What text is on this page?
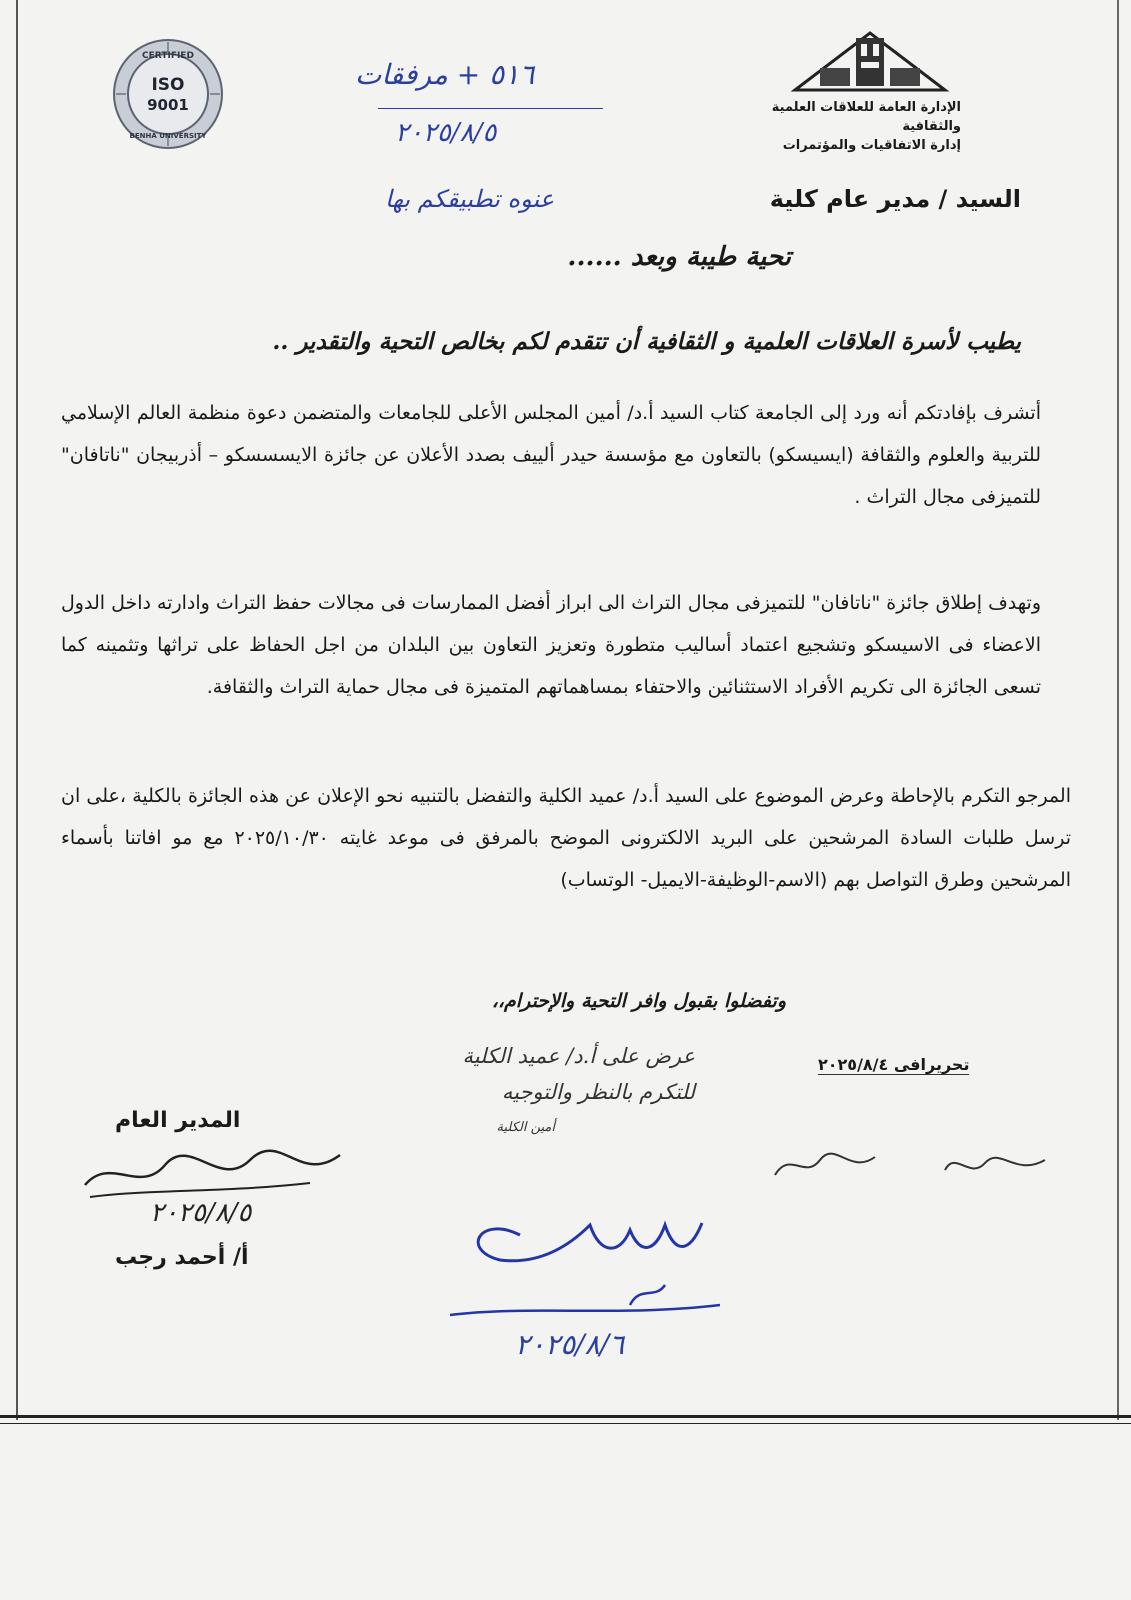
CERTIFIED
BENHA UNIVERSITY
ISO
9001	الإدارة العامة للعلاقات العلمية والثقافية
إدارة الاتفاقيات والمؤتمرات
٥١٦ + مرفقات
٢٠٢٥/٨/٥
السيد / مدير عام كلية
عنوه تطبيقكم بها
تحية طيبة وبعد ......
يطيب لأسرة العلاقات العلمية و الثقافية أن تتقدم لكم بخالص التحية والتقدير ..
أتشرف بإفادتكم أنه ورد إلى الجامعة كتاب السيد أ.د/ أمين المجلس الأعلى للجامعات والمتضمن دعوة منظمة العالم الإسلامي للتربية والعلوم والثقافة (ايسيسكو) بالتعاون مع مؤسسة حيدر ألييف بصدد الأعلان عن جائزة الايسسسكو – أذربيجان "ناتافان" للتميزفى مجال التراث .
وتهدف إطلاق جائزة "ناتافان" للتميزفى مجال التراث الى ابراز أفضل الممارسات فى مجالات حفظ التراث وادارته داخل الدول الاعضاء فى الاسيسكو وتشجيع اعتماد أساليب متطورة وتعزيز التعاون بين البلدان من اجل الحفاظ على تراثها وتثمينه كما تسعى الجائزة الى تكريم الأفراد الاستثنائين والاحتفاء بمساهماتهم المتميزة فى مجال حماية التراث والثقافة.
المرجو التكرم بالإحاطة وعرض الموضوع على السيد أ.د/ عميد الكلية والتفضل بالتنبيه نحو الإعلان عن هذه الجائزة بالكلية ،على ان ترسل طلبات السادة المرشحين على البريد الالكترونى الموضح بالمرفق فى موعد غايته ٢٠٢٥/١٠/٣٠ مع مو افاتنا بأسماء المرشحين وطرق التواصل بهم (الاسم-الوظيفة-الايميل- الوتساب)
وتفضلوا بقبول وافر التحية والإحترام،،
تحريرافى ٢٠٢٥/٨/٤
عرض على أ.د/ عميد الكلية
للتكرم بالنظر والتوجيه
أمين الكلية
المدير العام
٢٠٢٥/٨/٥
أ/ أحمد رجب
٢٠٢٥/٨/٦
